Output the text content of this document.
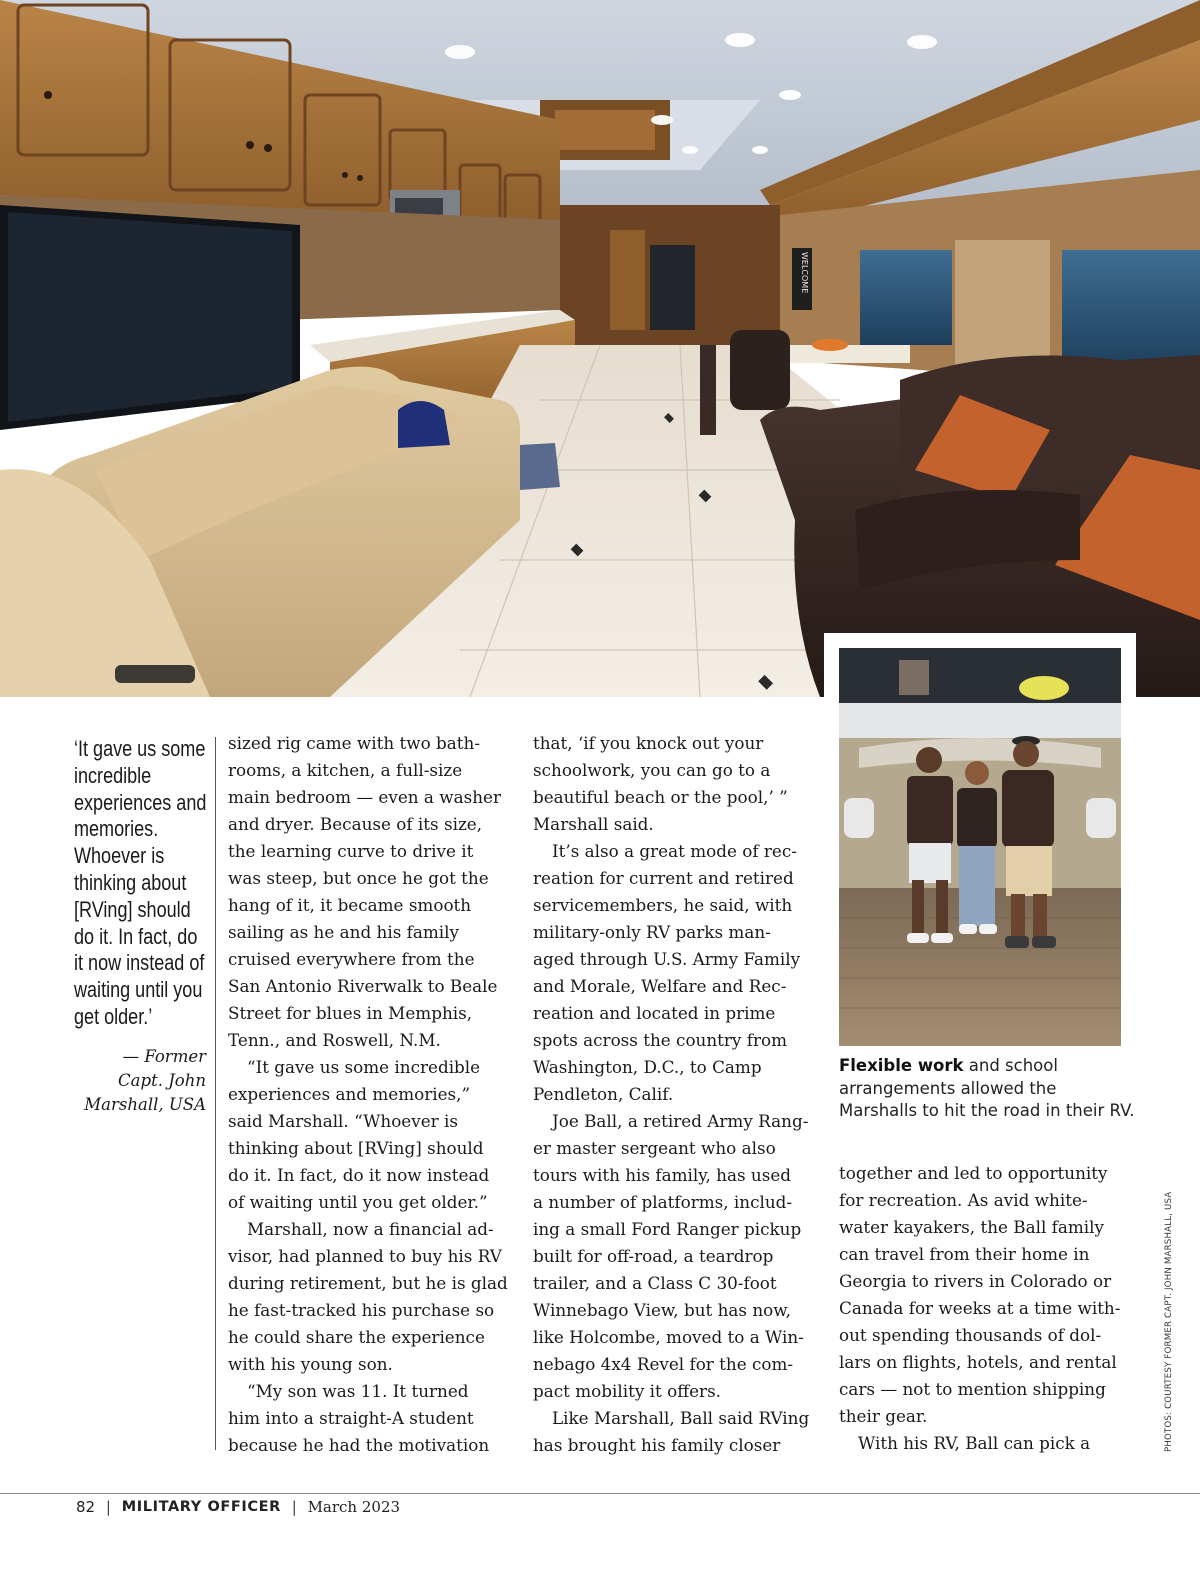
WELCOME
Flexible work and school arrangements allowed the Marshalls to hit the road in their RV.
‘It gave us some incredible experiences and memories. Whoever is thinking about [RVing] should do it. In fact, do it now instead of waiting until you get older.’
— Former Capt. John Marshall, USA
sized rig came with two bath-
rooms, a kitchen, a full-size
main bedroom — even a washer
and dryer. Because of its size,
the learning curve to drive it
was steep, but once he got the
hang of it, it became smooth
sailing as he and his family
cruised everywhere from the
San Antonio Riverwalk to Beale
Street for blues in Memphis,
Tenn., and Roswell, N.M.
“It gave us some incredible
experiences and memories,”
said Marshall. “Whoever is
thinking about [RVing] should
do it. In fact, do it now instead
of waiting until you get older.”
Marshall, now a financial ad-
visor, had planned to buy his RV
during retirement, but he is glad
he fast-tracked his purchase so
he could share the experience
with his young son.
“My son was 11. It turned
him into a straight-A student
because he had the motivation
that, ‘if you knock out your
schoolwork, you can go to a
beautiful beach or the pool,’ ”
Marshall said.
It’s also a great mode of rec-
reation for current and retired
servicemembers, he said, with
military-only RV parks man-
aged through U.S. Army Family
and Morale, Welfare and Rec-
reation and located in prime
spots across the country from
Washington, D.C., to Camp
Pendleton, Calif.
Joe Ball, a retired Army Rang-
er master sergeant who also
tours with his family, has used
a number of platforms, includ-
ing a small Ford Ranger pickup
built for off-road, a teardrop
trailer, and a Class C 30-foot
Winnebago View, but has now,
like Holcombe, moved to a Win-
nebago 4x4 Revel for the com-
pact mobility it offers.
Like Marshall, Ball said RVing
has brought his family closer
together and led to opportunity
for recreation. As avid white-
water kayakers, the Ball family
can travel from their home in
Georgia to rivers in Colorado or
Canada for weeks at a time with-
out spending thousands of dol-
lars on flights, hotels, and rental
cars — not to mention shipping
their gear.
With his RV, Ball can pick a	PHOTOS: COURTESY FORMER CAPT. JOHN MARSHALL, USA
82 | MILITARY OFFICER | March 2023
